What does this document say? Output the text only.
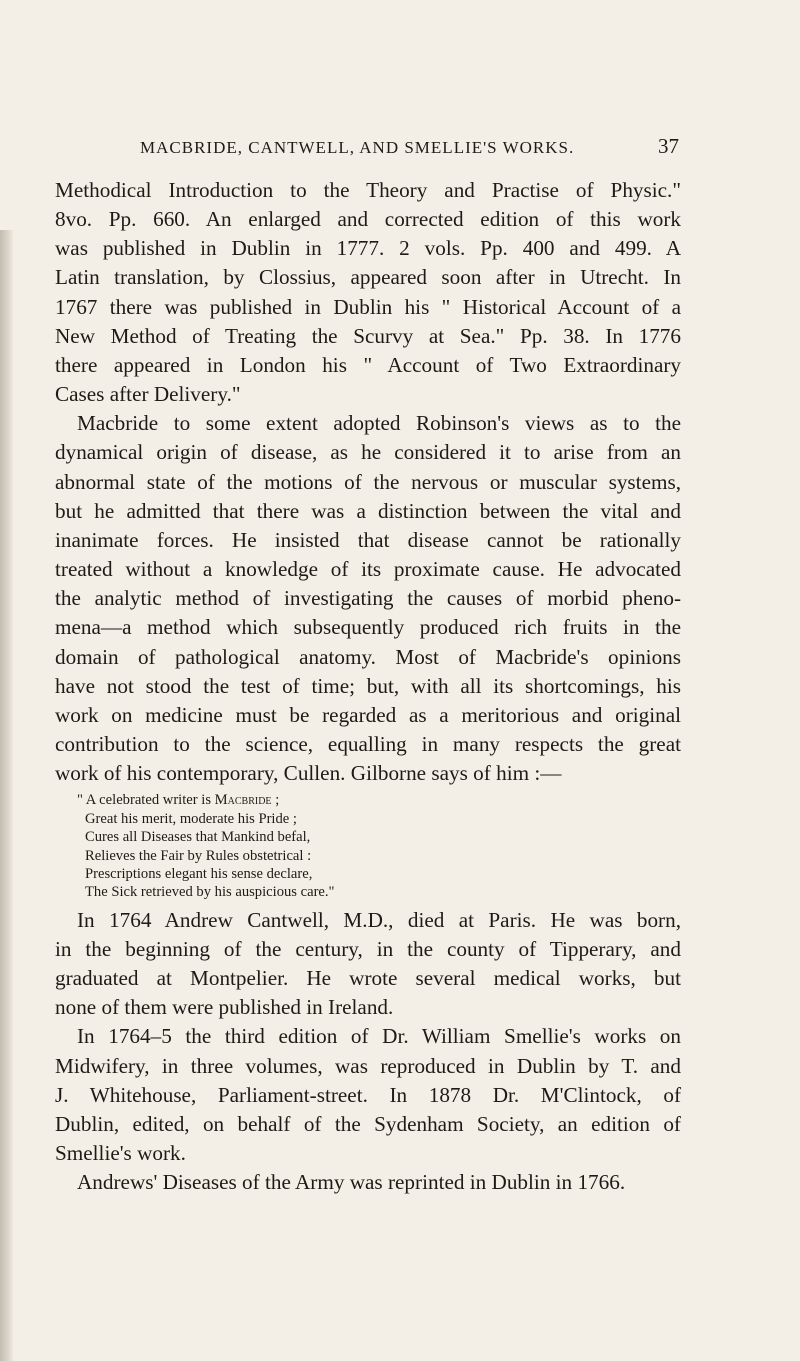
MACBRIDE, CANTWELL, AND SMELLIE'S WORKS.	37
Methodical Introduction to the Theory and Practise of Physic."
8vo. Pp. 660. An enlarged and corrected edition of this work
was published in Dublin in 1777. 2 vols. Pp. 400 and 499. A
Latin translation, by Clossius, appeared soon after in Utrecht. In
1767 there was published in Dublin his " Historical Account of a
New Method of Treating the Scurvy at Sea." Pp. 38. In 1776
there appeared in London his " Account of Two Extraordinary
Cases after Delivery."
Macbride to some extent adopted Robinson's views as to the
dynamical origin of disease, as he considered it to arise from an
abnormal state of the motions of the nervous or muscular systems,
but he admitted that there was a distinction between the vital and
inanimate forces. He insisted that disease cannot be rationally
treated without a knowledge of its proximate cause. He advocated
the analytic method of investigating the causes of morbid pheno-
mena—a method which subsequently produced rich fruits in the
domain of pathological anatomy. Most of Macbride's opinions
have not stood the test of time; but, with all its shortcomings, his
work on medicine must be regarded as a meritorious and original
contribution to the science, equalling in many respects the great
work of his contemporary, Cullen. Gilborne says of him :—
" A celebrated writer is Macbride ;
Great his merit, moderate his Pride ;
Cures all Diseases that Mankind befal,
Relieves the Fair by Rules obstetrical :
Prescriptions elegant his sense declare,
The Sick retrieved by his auspicious care."
In 1764 Andrew Cantwell, M.D., died at Paris. He was born,
in the beginning of the century, in the county of Tipperary, and
graduated at Montpelier. He wrote several medical works, but
none of them were published in Ireland.
In 1764–5 the third edition of Dr. William Smellie's works on
Midwifery, in three volumes, was reproduced in Dublin by T. and
J. Whitehouse, Parliament-street. In 1878 Dr. M'Clintock, of
Dublin, edited, on behalf of the Sydenham Society, an edition of
Smellie's work.
Andrews' Diseases of the Army was reprinted in Dublin in 1766.
